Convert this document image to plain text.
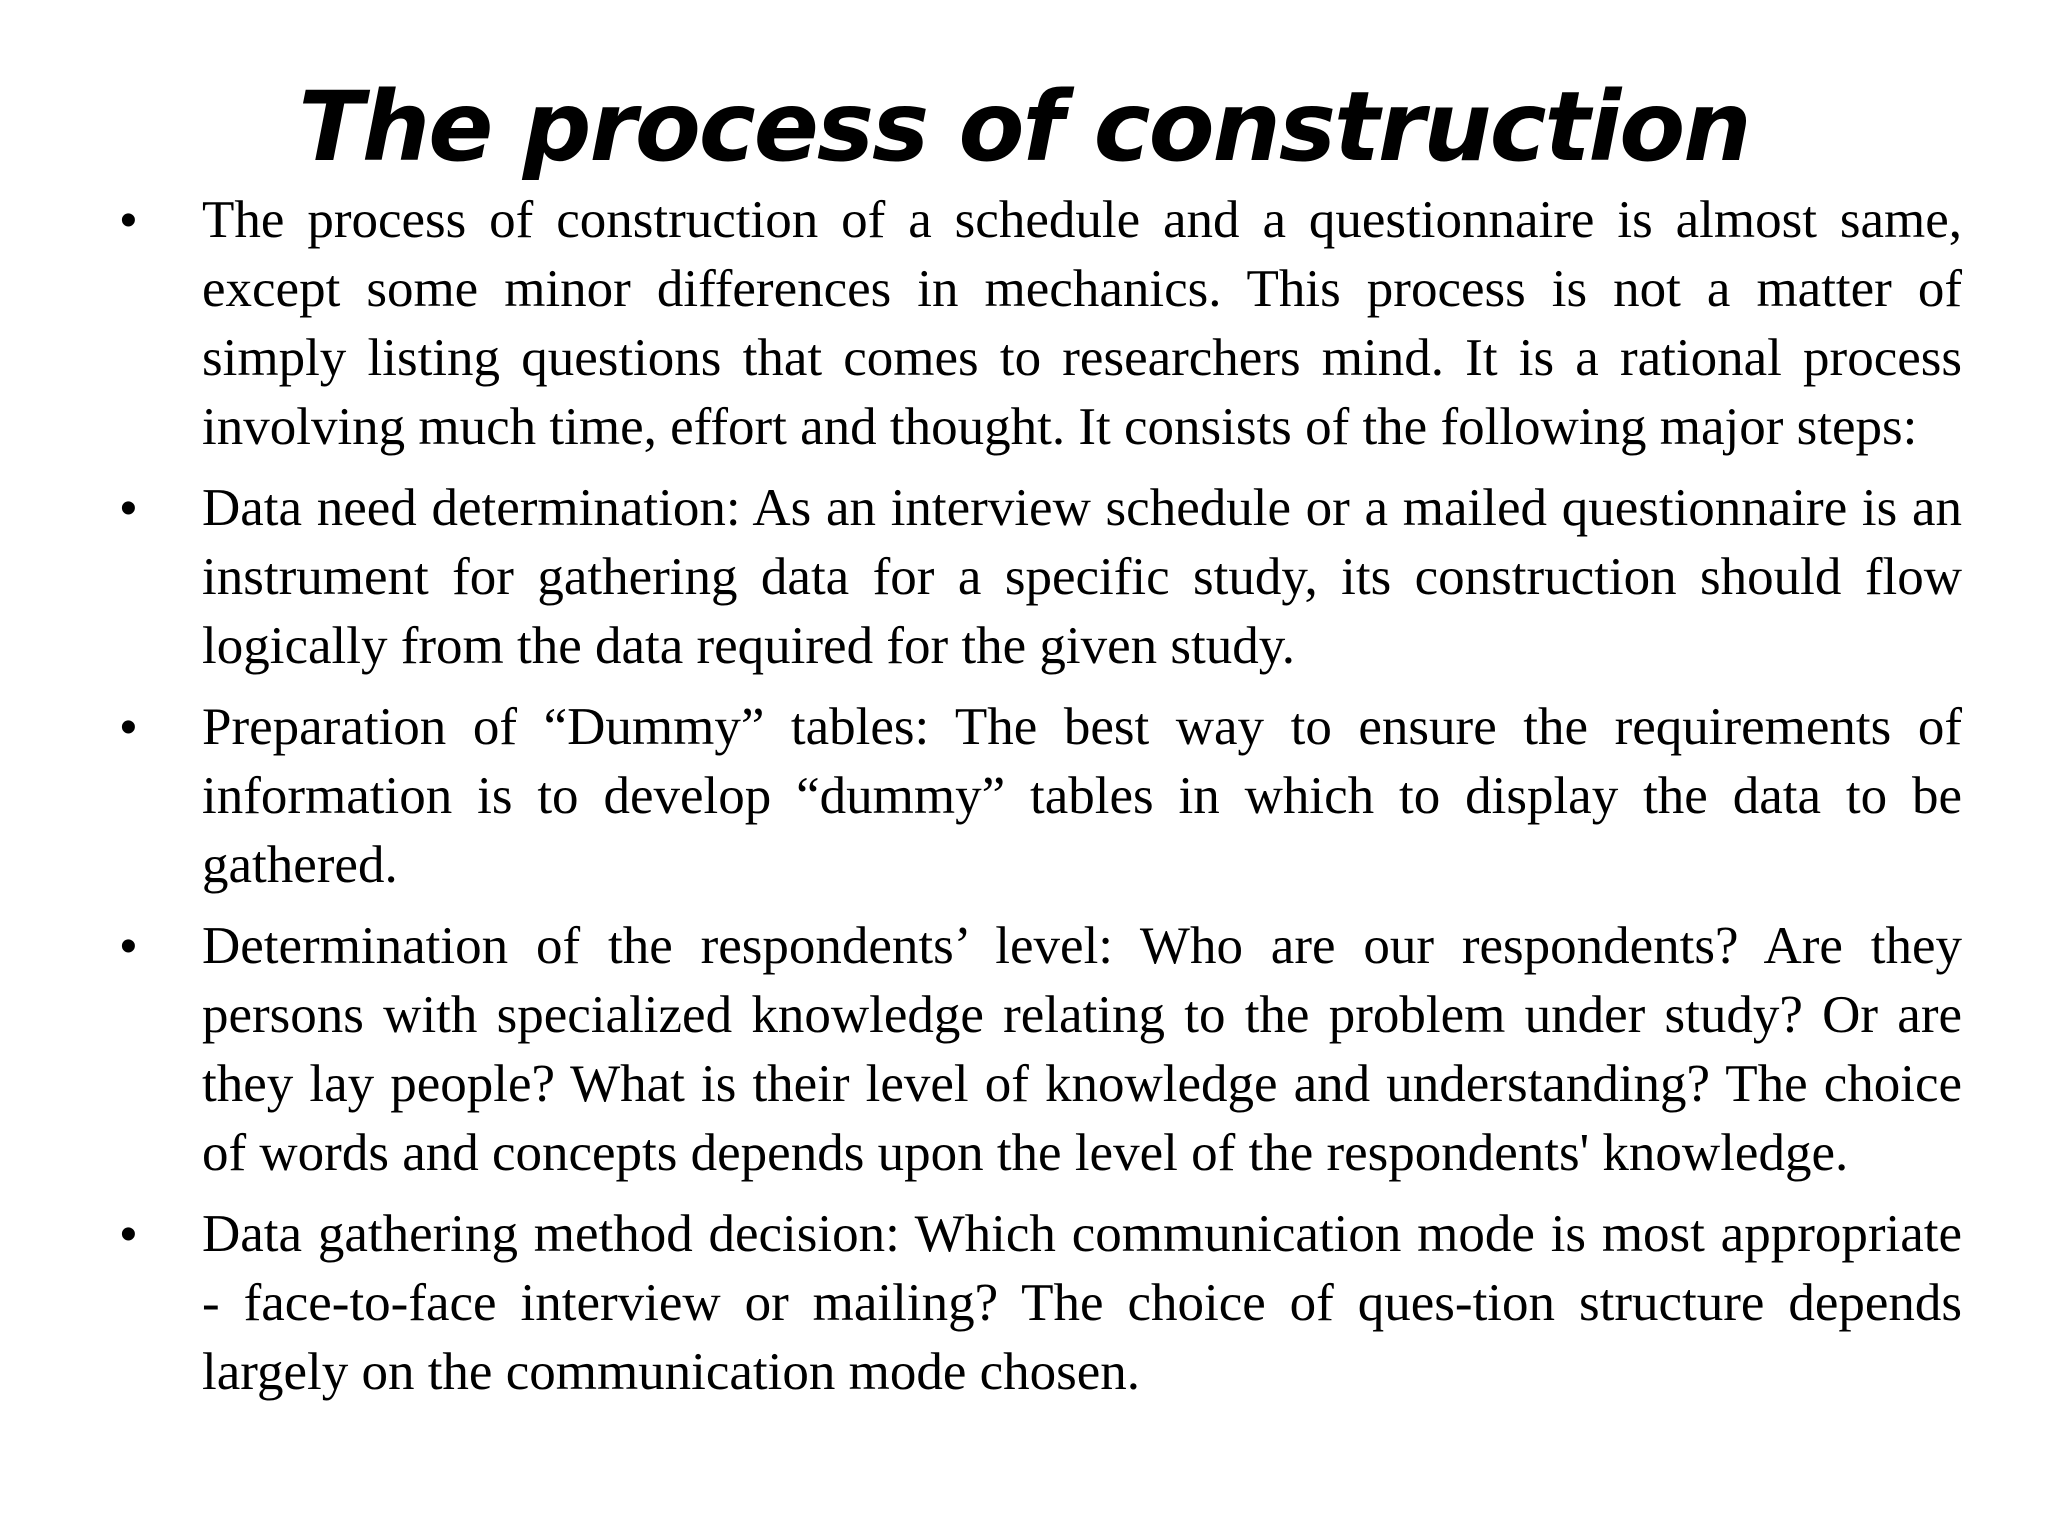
The process of construction
• The process of construction of a schedule and a questionnaire is almost same, except some minor differences in mechanics. This process is not a matter of simply listing questions that comes to researchers mind. It is a rational process involving much time, effort and thought. It consists of the following major steps:
• Data need determination: As an interview schedule or a mailed questionnaire is an instrument for gathering data for a specific study, its construction should flow logically from the data required for the given study.
• Preparation of “Dummy” tables: The best way to ensure the requirements of information is to develop “dummy” tables in which to display the data to be gathered.
• Determination of the respondents’ level: Who are our respondents? Are they persons with specialized knowledge relating to the problem under study? Or are they lay people? What is their level of knowledge and understanding? The choice of words and concepts depends upon the level of the respondents' knowledge.
• Data gathering method decision: Which communication mode is most appropriate - face-to-face interview or mailing? The choice of ques-tion structure depends largely on the communication mode chosen.
